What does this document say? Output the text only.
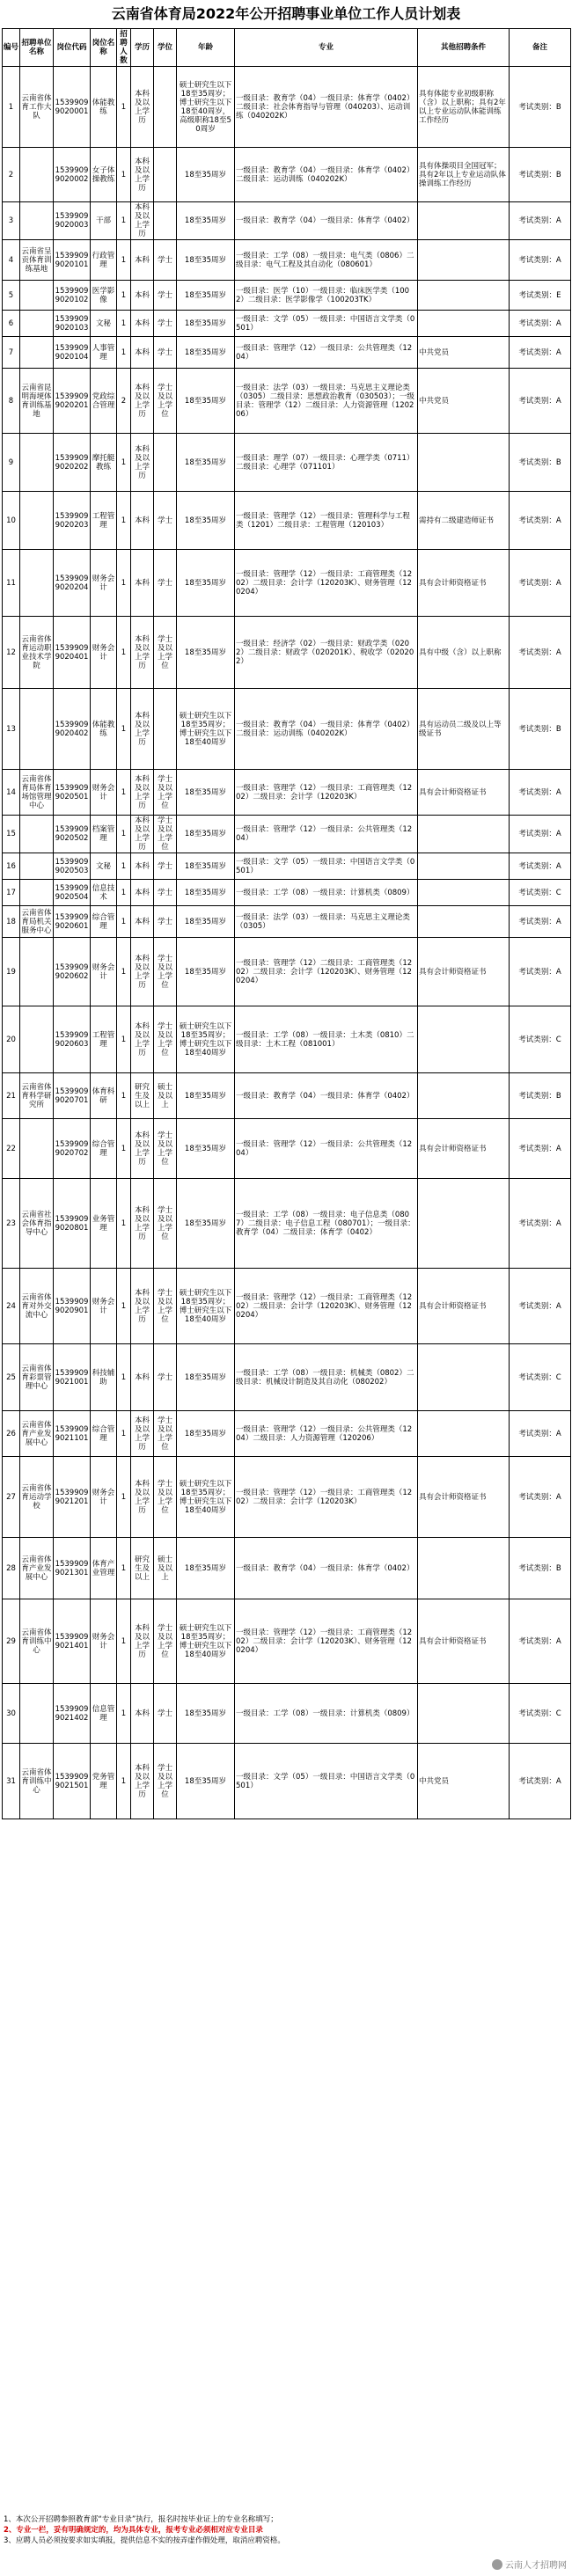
云南省体育局2022年公开招聘事业单位工作人员计划表
编号	招聘单位名称	岗位代码	岗位名称	招聘人数	学历	学位	年龄	专业	其他招聘条件	备注
1	云南省体育工作大队	15399099020001	体能教练	1	本科及以上学历		硕士研究生以下18至35周岁；博士研究生以下18至40周岁，高级职称18至50周岁	一级目录：教育学（04）一级目录：体育学（0402）二级目录：社会体育指导与管理（040203）、运动训练（040202K）	具有体能专业初级职称（含）以上职称；具有2年以上专业运动队体能训练工作经历	考试类别：B
2		15399099020002	女子体操教练	1	本科及以上学历		18至35周岁	一级目录：教育学（04）一级目录：体育学（0402）二级目录：运动训练（040202K）	具有体操项目全国冠军；具有2年以上专业运动队体操训练工作经历	考试类别：B
3		15399099020003	干部	1	本科及以上学历		18至35周岁	一级目录：教育学（04）一级目录：体育学（0402）		考试类别：A
4	云南省呈贡体育训练基地	15399099020101	行政管理	1	本科	学士	18至35周岁	一级目录：工学（08）一级目录：电气类（0806）二级目录：电气工程及其自动化（080601）		考试类别：A
5		15399099020102	医学影像	1	本科	学士	18至35周岁	一级目录：医学（10）一级目录：临床医学类（1002）二级目录：医学影像学（100203TK）		考试类别：E
6		15399099020103	文秘	1	本科	学士	18至35周岁	一级目录：文学（05）一级目录：中国语言文学类（0501）		考试类别：A
7		15399099020104	人事管理	1	本科	学士	18至35周岁	一级目录：管理学（12）一级目录：公共管理类（1204）	中共党员	考试类别：A
8	云南省昆明海埂体育训练基地	15399099020201	党政综合管理	2	本科及以上学历	学士及以上学位	18至35周岁	一级目录：法学（03）一级目录：马克思主义理论类（0305）二级目录：思想政治教育（030503）；一级目录：管理学（12）二级目录：人力资源管理（120206）	中共党员	考试类别：A
9		15399099020202	摩托艇教练	1	本科及以上学历		18至35周岁	一级目录：理学（07）一级目录：心理学类（0711）二级目录：心理学（071101）		考试类别：B
10		15399099020203	工程管理	1	本科	学士	18至35周岁	一级目录：管理学（12）一级目录：管理科学与工程类（1201）二级目录：工程管理（120103）	需持有二级建造师证书	考试类别：A
11		15399099020204	财务会计	1	本科	学士	18至35周岁	一级目录：管理学（12）一级目录：工商管理类（1202）二级目录：会计学（120203K）、财务管理（120204）	具有会计师资格证书	考试类别：A
12	云南省体育运动职业技术学院	15399099020401	财务会计	1	本科及以上学历	学士及以上学位	18至35周岁	一级目录：经济学（02）一级目录：财政学类（0202）二级目录：财政学（020201K）、税收学（020202）	具有中级（含）以上职称	考试类别：A
13		15399099020402	体能教练	1	本科及以上学历		硕士研究生以下18至35周岁；博士研究生以下18至40周岁	一级目录：教育学（04）一级目录：体育学（0402）二级目录：运动训练（040202K）	具有运动员二级及以上等级证书	考试类别：B
14	云南省体育局体育场馆管理中心	15399099020501	财务会计	1	本科及以上学历	学士及以上学位	18至35周岁	一级目录：管理学（12）一级目录：工商管理类（1202）二级目录：会计学（120203K）	具有会计师资格证书	考试类别：A
15		15399099020502	档案管理	1	本科及以上学历	学士及以上学位	18至35周岁	一级目录：管理学（12）一级目录：公共管理类（1204）		考试类别：A
16		15399099020503	文秘	1	本科	学士	18至35周岁	一级目录：文学（05）一级目录：中国语言文学类（0501）		考试类别：A
17		15399099020504	信息技术	1	本科	学士	18至35周岁	一级目录：工学（08）一级目录：计算机类（0809）		考试类别：C
18	云南省体育局机关服务中心	15399099020601	综合管理	1	本科	学士	18至35周岁	一级目录：法学（03）一级目录：马克思主义理论类（0305）		考试类别：A
19		15399099020602	财务会计	1	本科及以上学历	学士及以上学位	18至35周岁	一级目录：管理学（12）二级目录：工商管理类（1202）二级目录：会计学（120203K）、财务管理（120204）	具有会计师资格证书	考试类别：A
20		15399099020603	工程管理	1	本科及以上学历	学士及以上学位	硕士研究生以下18至35周岁；博士研究生以下18至40周岁	一级目录：工学（08）一级目录：土木类（0810）二级目录：土木工程（081001）		考试类别：C
21	云南省体育科学研究所	15399099020701	体育科研	1	研究生及以上	硕士及以上	18至35周岁	一级目录：教育学（04）一级目录：体育学（0402）		考试类别：B
22		15399099020702	综合管理	1	本科及以上学历	学士及以上学位	18至35周岁	一级目录：管理学（12）一级目录：公共管理类（1204）	具有会计师资格证书	考试类别：A
23	云南省社会体育指导中心	15399099020801	业务管理	1	本科及以上学历	学士及以上学位	18至35周岁	一级目录：工学（08）一级目录：电子信息类（0807）二级目录：电子信息工程（080701）；一级目录：教育学（04）二级目录：体育学（0402）		考试类别：A
24	云南省体育对外交流中心	15399099020901	财务会计	1	本科及以上学历	学士及以上学位	硕士研究生以下18至35周岁；博士研究生以下18至40周岁	一级目录：管理学（12）一级目录：工商管理类（1202）二级目录：会计学（120203K）、财务管理（120204）	具有会计师资格证书	考试类别：A
25	云南省体育彩票管理中心	15399099021001	科技辅助	1	本科	学士	18至35周岁	一级目录：工学（08）一级目录：机械类（0802）二级目录：机械设计制造及其自动化（080202）		考试类别：C
26	云南省体育产业发展中心	15399099021101	综合管理	1	本科及以上学历	学士及以上学位	18至35周岁	一级目录：管理学（12）一级目录：公共管理类（1204）二级目录：人力资源管理（120206）		考试类别：A
27	云南省体育运动学校	15399099021201	财务会计	1	本科及以上学历	学士及以上学位	硕士研究生以下18至35周岁；博士研究生以下18至40周岁	一级目录：管理学（12）一级目录：工商管理类（1202）二级目录：会计学（120203K）	具有会计师资格证书	考试类别：A
28	云南省体育产业发展中心	15399099021301	体育产业管理	1	研究生及以上	硕士及以上	18至35周岁	一级目录：教育学（04）一级目录：体育学（0402）		考试类别：B
29	云南省体育训练中心	15399099021401	财务会计	1	本科及以上学历	学士及以上学位	硕士研究生以下18至35周岁；博士研究生以下18至40周岁	一级目录：管理学（12）一级目录：工商管理类（1202）二级目录：会计学（120203K）、财务管理（120204）	具有会计师资格证书	考试类别：A
30		15399099021402	信息管理	1	本科	学士	18至35周岁	一级目录：工学（08）一级目录：计算机类（0809）		考试类别：C
31	云南省体育训练中心	15399099021501	党务管理	1	本科及以上学历	学士及以上学位	18至35周岁	一级目录：文学（05）一级目录：中国语言文学类（0501）	中共党员	考试类别：A
1、本次公开招聘参照教育部“专业目录”执行，报名时按毕业证上的专业名称填写；
2、专业一栏，妥有明确规定的，均为具体专业，报考专业必须相对应专业目录
3、应聘人员必须按要求如实填报，提供信息不实的按弄虚作假处理，取消应聘资格。
云南人才招聘网
